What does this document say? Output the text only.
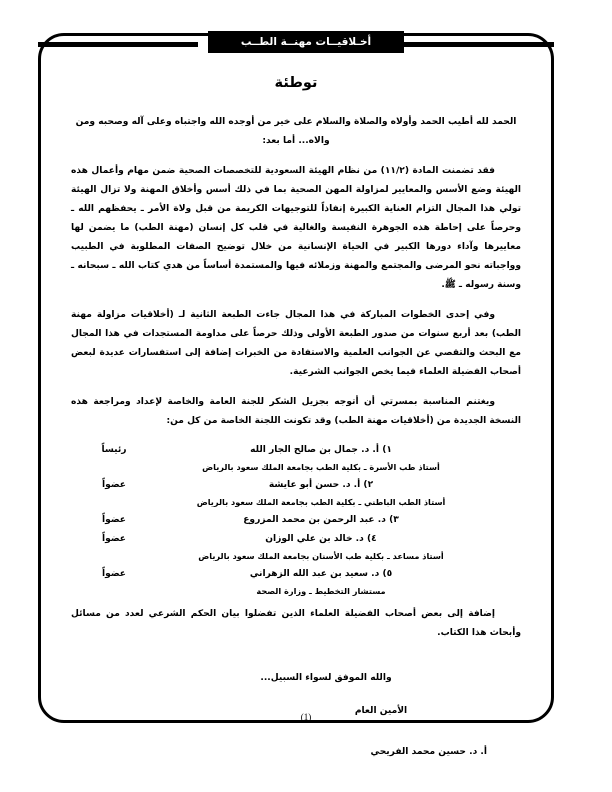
أخـلاقيــات مهنــة الطــب
توطئة

الحمد لله أطيب الحمد وأولاه والصلاة والسلام على خير من أوجده الله واجتباه وعلى آله وصحبه ومن والاه... أما بعد:

فقد تضمنت المادة (١١/٢) من نظام الهيئة السعودية للتخصصات الصحية ضمن مهام وأعمال هذه الهيئة وضع الأسس والمعايير لمزاولة المهن الصحية بما في ذلك أسس وأخلاق المهنة ولا تزال الهيئة تولي هذا المجال التزام العناية الكبيرة إنفاذاً للتوجيهات الكريمة من قبل ولاة الأمر ـ يحفظهم الله ـ وحرصاً على إحاطة هذه الجوهرة النفيسة والغالية في قلب كل إنسان (مهنة الطب) ما يضمن لها معاييرها وآداء دورها الكبير في الحياة الإنسانية من خلال توضيح الصفات المطلوبة في الطبيب وواجباته نحو المرضى والمجتمع والمهنة وزملائه فيها والمستمدة أساساً من هدي كتاب الله ـ سبحانه ـ وسنة رسوله ـ ﷺ.

وفي إحدى الخطوات المباركة في هذا المجال جاءت الطبعة الثانية لـ (أخلاقيات مزاولة مهنة الطب) بعد أربع سنوات من صدور الطبعة الأولى وذلك حرصاً على مداومة المستجدات في هذا المجال مع البحث والتقصي عن الجوانب العلمية والاستفادة من الخبرات إضافة إلى استفسارات عديدة لبعض أصحاب الفضيلة العلماء فيما يخص الجوانب الشرعية.

ويغتنم المناسبة بمسرتي أن أتوجه بجزيل الشكر للجنة العامة والخاصة لإعداد ومراجعة هذه النسخة الجديدة من (أخلاقيات مهنة الطب) وقد تكونت اللجنة الخاصة من كل من:

رئيساً	١) أ. د. جمال بن صالح الجار الله
أستاذ طب الأسرة ـ بكلية الطب بجامعة الملك سعود بالرياض
عضواً	٢) أ. د. حسن أبو عايشة
أستاذ الطب الباطني ـ بكلية الطب بجامعة الملك سعود بالرياض
عضواً	٣) د. عبد الرحمن بن محمد المزروع
عضواً	٤) د. خالد بن علي الوزان
أستاذ مساعد ـ بكلية طب الأسنان بجامعة الملك سعود بالرياض
عضواً	٥) د. سعيد بن عبد الله الزهراني
مستشار التخطيط ـ وزارة الصحة

إضافة إلى بعض أصحاب الفضيلة العلماء الذين تفضلوا بيان الحكم الشرعي لعدد من مسائل وأبحاث هذا الكتاب.

والله الموفق لسواء السبيل...
الأمين العام
أ. د. حسين محمد الفريحي
(1)
